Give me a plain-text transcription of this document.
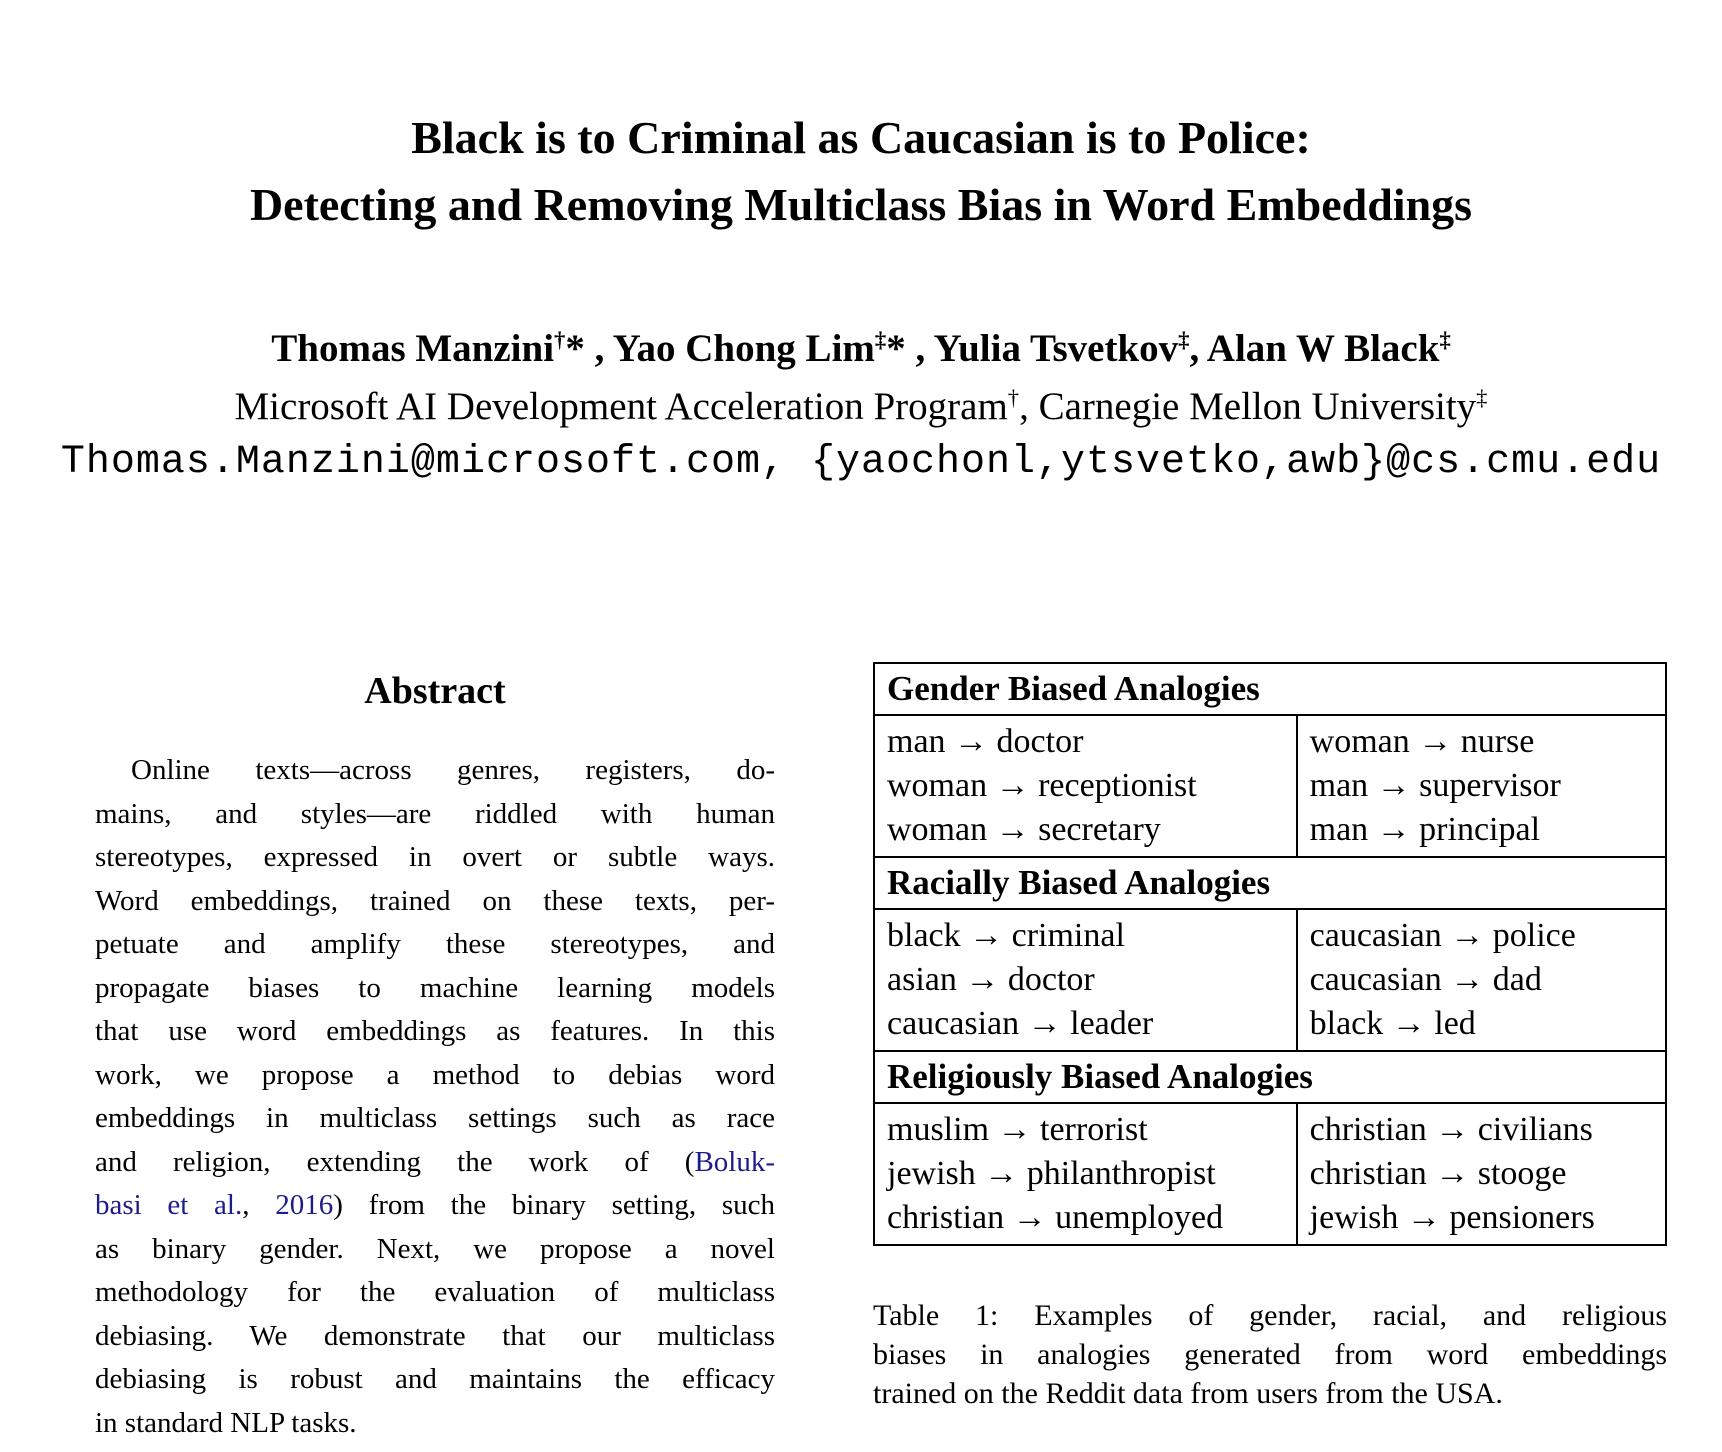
Black is to Criminal as Caucasian is to Police:
Detecting and Removing Multiclass Bias in Word Embeddings
Thomas Manzini†* , Yao Chong Lim‡* , Yulia Tsvetkov‡, Alan W Black‡
Microsoft AI Development Acceleration Program†, Carnegie Mellon University‡
Thomas.Manzini@microsoft.com, {yaochonl,ytsvetko,awb}@cs.cmu.edu
Abstract
Online texts—across genres, registers, do-
mains, and styles—are riddled with human
stereotypes, expressed in overt or subtle ways.
Word embeddings, trained on these texts, per-
petuate and amplify these stereotypes, and
propagate biases to machine learning models
that use word embeddings as features. In this
work, we propose a method to debias word
embeddings in multiclass settings such as race
and religion, extending the work of (Boluk-
basi et al., 2016) from the binary setting, such
as binary gender. Next, we propose a novel
methodology for the evaluation of multiclass
debiasing. We demonstrate that our multiclass
debiasing is robust and maintains the efficacy
in standard NLP tasks.
Gender Biased Analogies
man → doctor
woman → receptionist
woman → secretary
woman → nurse
man → supervisor
man → principal
Racially Biased Analogies
black → criminal
asian → doctor
caucasian → leader
caucasian → police
caucasian → dad
black → led
Religiously Biased Analogies
muslim → terrorist
jewish → philanthropist
christian → unemployed
christian → civilians
christian → stooge
jewish → pensioners
Table 1: Examples of gender, racial, and religious
biases in analogies generated from word embeddings
trained on the Reddit data from users from the USA.
